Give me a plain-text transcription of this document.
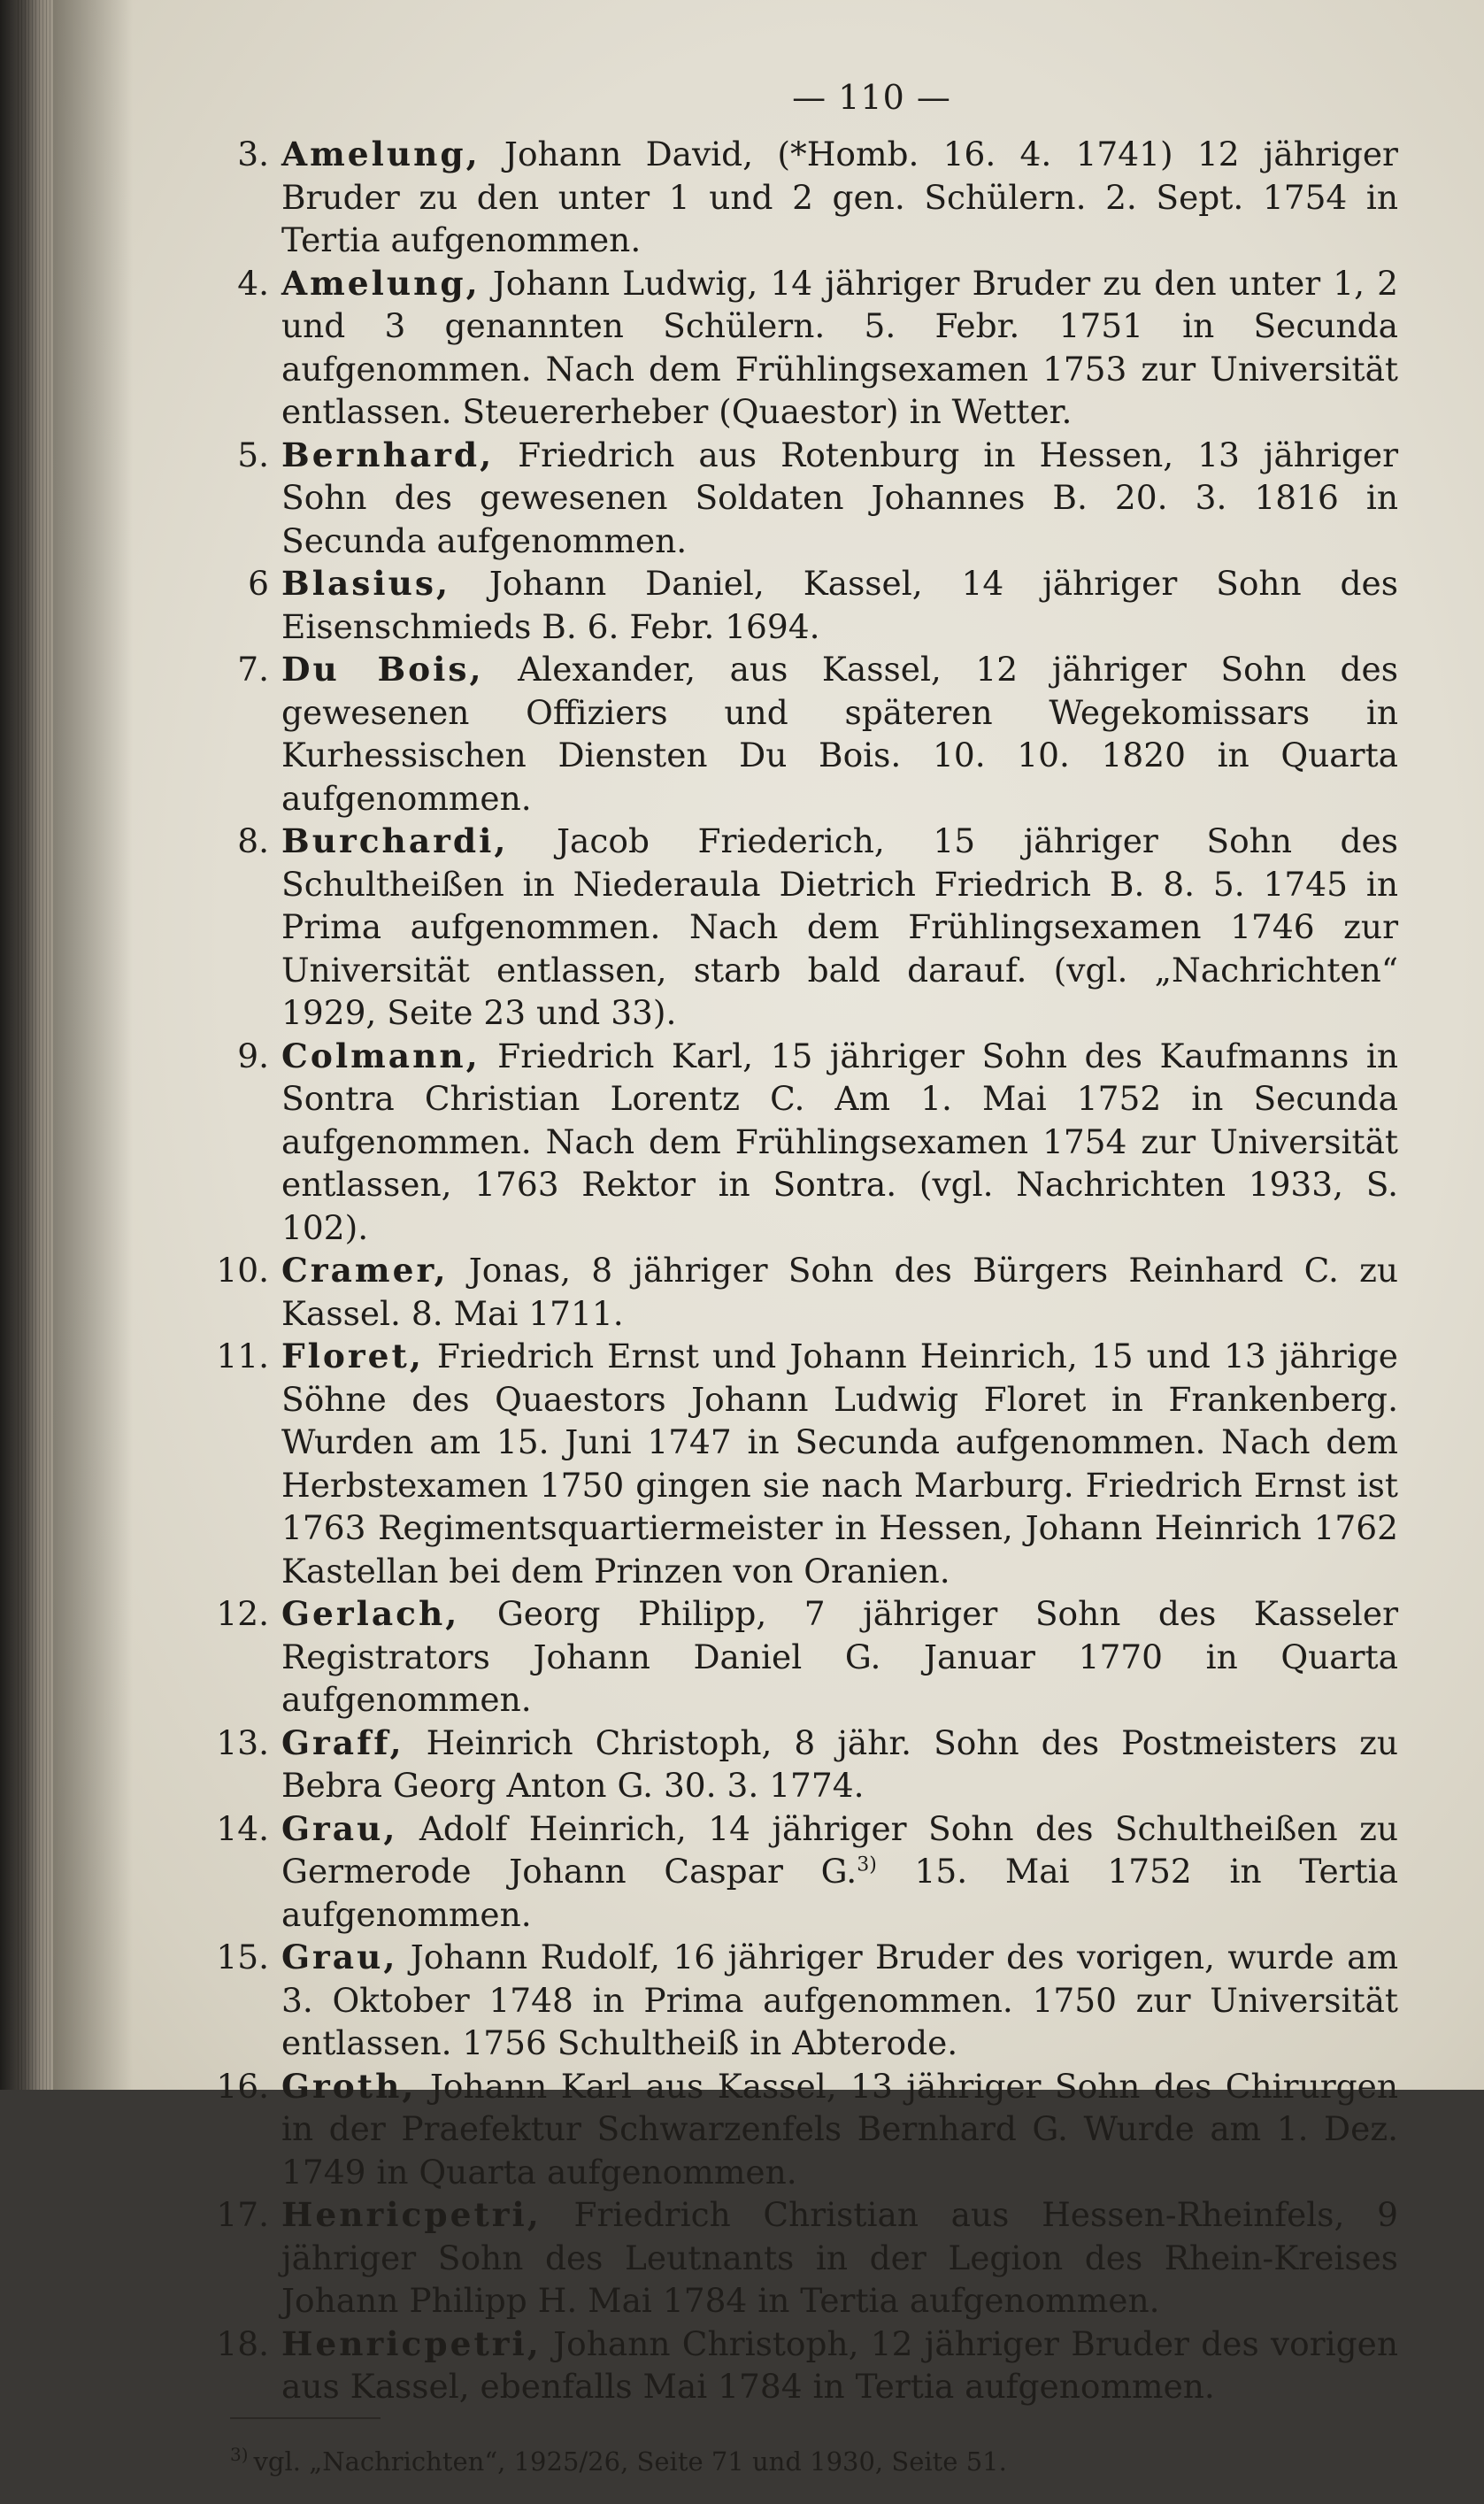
— 110 —

3. Amelung, Johann David, (*Homb. 16. 4. 1741) 12 jähriger Bruder zu den unter 1 und 2 gen. Schülern. 2. Sept. 1754 in Tertia aufgenommen.

4. Amelung, Johann Ludwig, 14 jähriger Bruder zu den unter 1, 2 und 3 genannten Schülern. 5. Febr. 1751 in Secunda aufgenommen. Nach dem Frühlingsexamen 1753 zur Universität entlassen. Steuererheber (Quaestor) in Wetter.

5. Bernhard, Friedrich aus Rotenburg in Hessen, 13 jähriger Sohn des gewesenen Soldaten Johannes B. 20. 3. 1816 in Secunda aufgenommen.

6 Blasius, Johann Daniel, Kassel, 14 jähriger Sohn des Eisenschmieds B. 6. Febr. 1694.

7. Du Bois, Alexander, aus Kassel, 12 jähriger Sohn des gewesenen Offiziers und späteren Wegekomissars in Kurhessischen Diensten Du Bois. 10. 10. 1820 in Quarta aufgenommen.

8. Burchardi, Jacob Friederich, 15 jähriger Sohn des Schultheißen in Niederaula Dietrich Friedrich B. 8. 5. 1745 in Prima aufgenommen. Nach dem Frühlingsexamen 1746 zur Universität entlassen, starb bald darauf. (vgl. „Nachrichten“ 1929, Seite 23 und 33).

9. Colmann, Friedrich Karl, 15 jähriger Sohn des Kaufmanns in Sontra Christian Lorentz C. Am 1. Mai 1752 in Secunda aufgenommen. Nach dem Frühlingsexamen 1754 zur Universität entlassen, 1763 Rektor in Sontra. (vgl. Nachrichten 1933, S. 102).

10. Cramer, Jonas, 8 jähriger Sohn des Bürgers Reinhard C. zu Kassel. 8. Mai 1711.

11. Floret, Friedrich Ernst und Johann Heinrich, 15 und 13 jährige Söhne des Quaestors Johann Ludwig Floret in Frankenberg. Wurden am 15. Juni 1747 in Secunda aufgenommen. Nach dem Herbstexamen 1750 gingen sie nach Marburg. Friedrich Ernst ist 1763 Regimentsquartiermeister in Hessen, Johann Heinrich 1762 Kastellan bei dem Prinzen von Oranien.

12. Gerlach, Georg Philipp, 7 jähriger Sohn des Kasseler Registrators Johann Daniel G. Januar 1770 in Quarta aufgenommen.

13. Graff, Heinrich Christoph, 8 jähr. Sohn des Postmeisters zu Bebra Georg Anton G. 30. 3. 1774.

14. Grau, Adolf Heinrich, 14 jähriger Sohn des Schultheißen zu Germerode Johann Caspar G.$^{3)}$ 15. Mai 1752 in Tertia aufgenommen.

15. Grau, Johann Rudolf, 16 jähriger Bruder des vorigen, wurde am 3. Oktober 1748 in Prima aufgenommen. 1750 zur Universität entlassen. 1756 Schultheiß in Abterode.

16. Groth, Johann Karl aus Kassel, 13 jähriger Sohn des Chirurgen in der Praefektur Schwarzenfels Bernhard G. Wurde am 1. Dez. 1749 in Quarta aufgenommen.

17. Henricpetri, Friedrich Christian aus Hessen-Rheinfels, 9 jähriger Sohn des Leutnants in der Legion des Rhein-Kreises Johann Philipp H. Mai 1784 in Tertia aufgenommen.

18. Henricpetri, Johann Christoph, 12 jähriger Bruder des vorigen aus Kassel, ebenfalls Mai 1784 in Tertia aufgenommen.

$^{3)}$ vgl. „Nachrichten“, 1925/26, Seite 71 und 1930, Seite 51.
